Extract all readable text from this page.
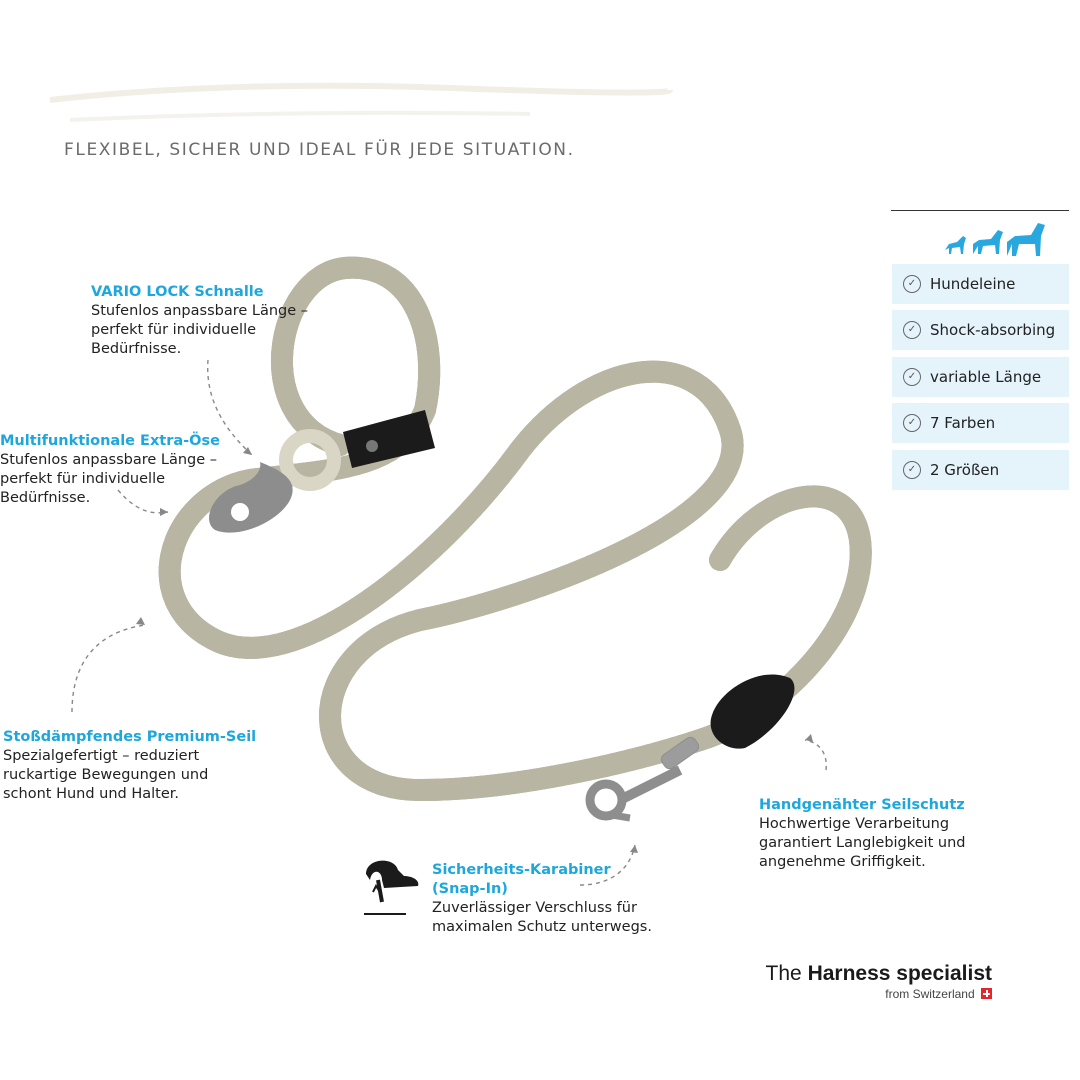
FLEXIBEL, SICHER UND IDEAL FÜR JEDE SITUATION.
VARIO LOCK Schnalle
Stufenlos anpassbare Länge –
perfekt für individuelle
Bedürfnisse.
Multifunktionale Extra-Öse
Stufenlos anpassbare Länge –
perfekt für individuelle
Bedürfnisse.
Stoßdämpfendes Premium-Seil
Spezialgefertigt – reduziert
ruckartige Bewegungen und
schont Hund und Halter.
Sicherheits-Karabiner
(Snap-In)
Zuverlässiger Verschluss für
maximalen Schutz unterwegs.
Handgenähter Seilschutz
Hochwertige Verarbeitung
garantiert Langlebigkeit und
angenehme Griffigkeit.
✓ Hundeleine
✓ Shock-absorbing
✓ variable Länge
✓ 7 Farben
✓ 2 Größen
The Harness specialist
from Switzerland
